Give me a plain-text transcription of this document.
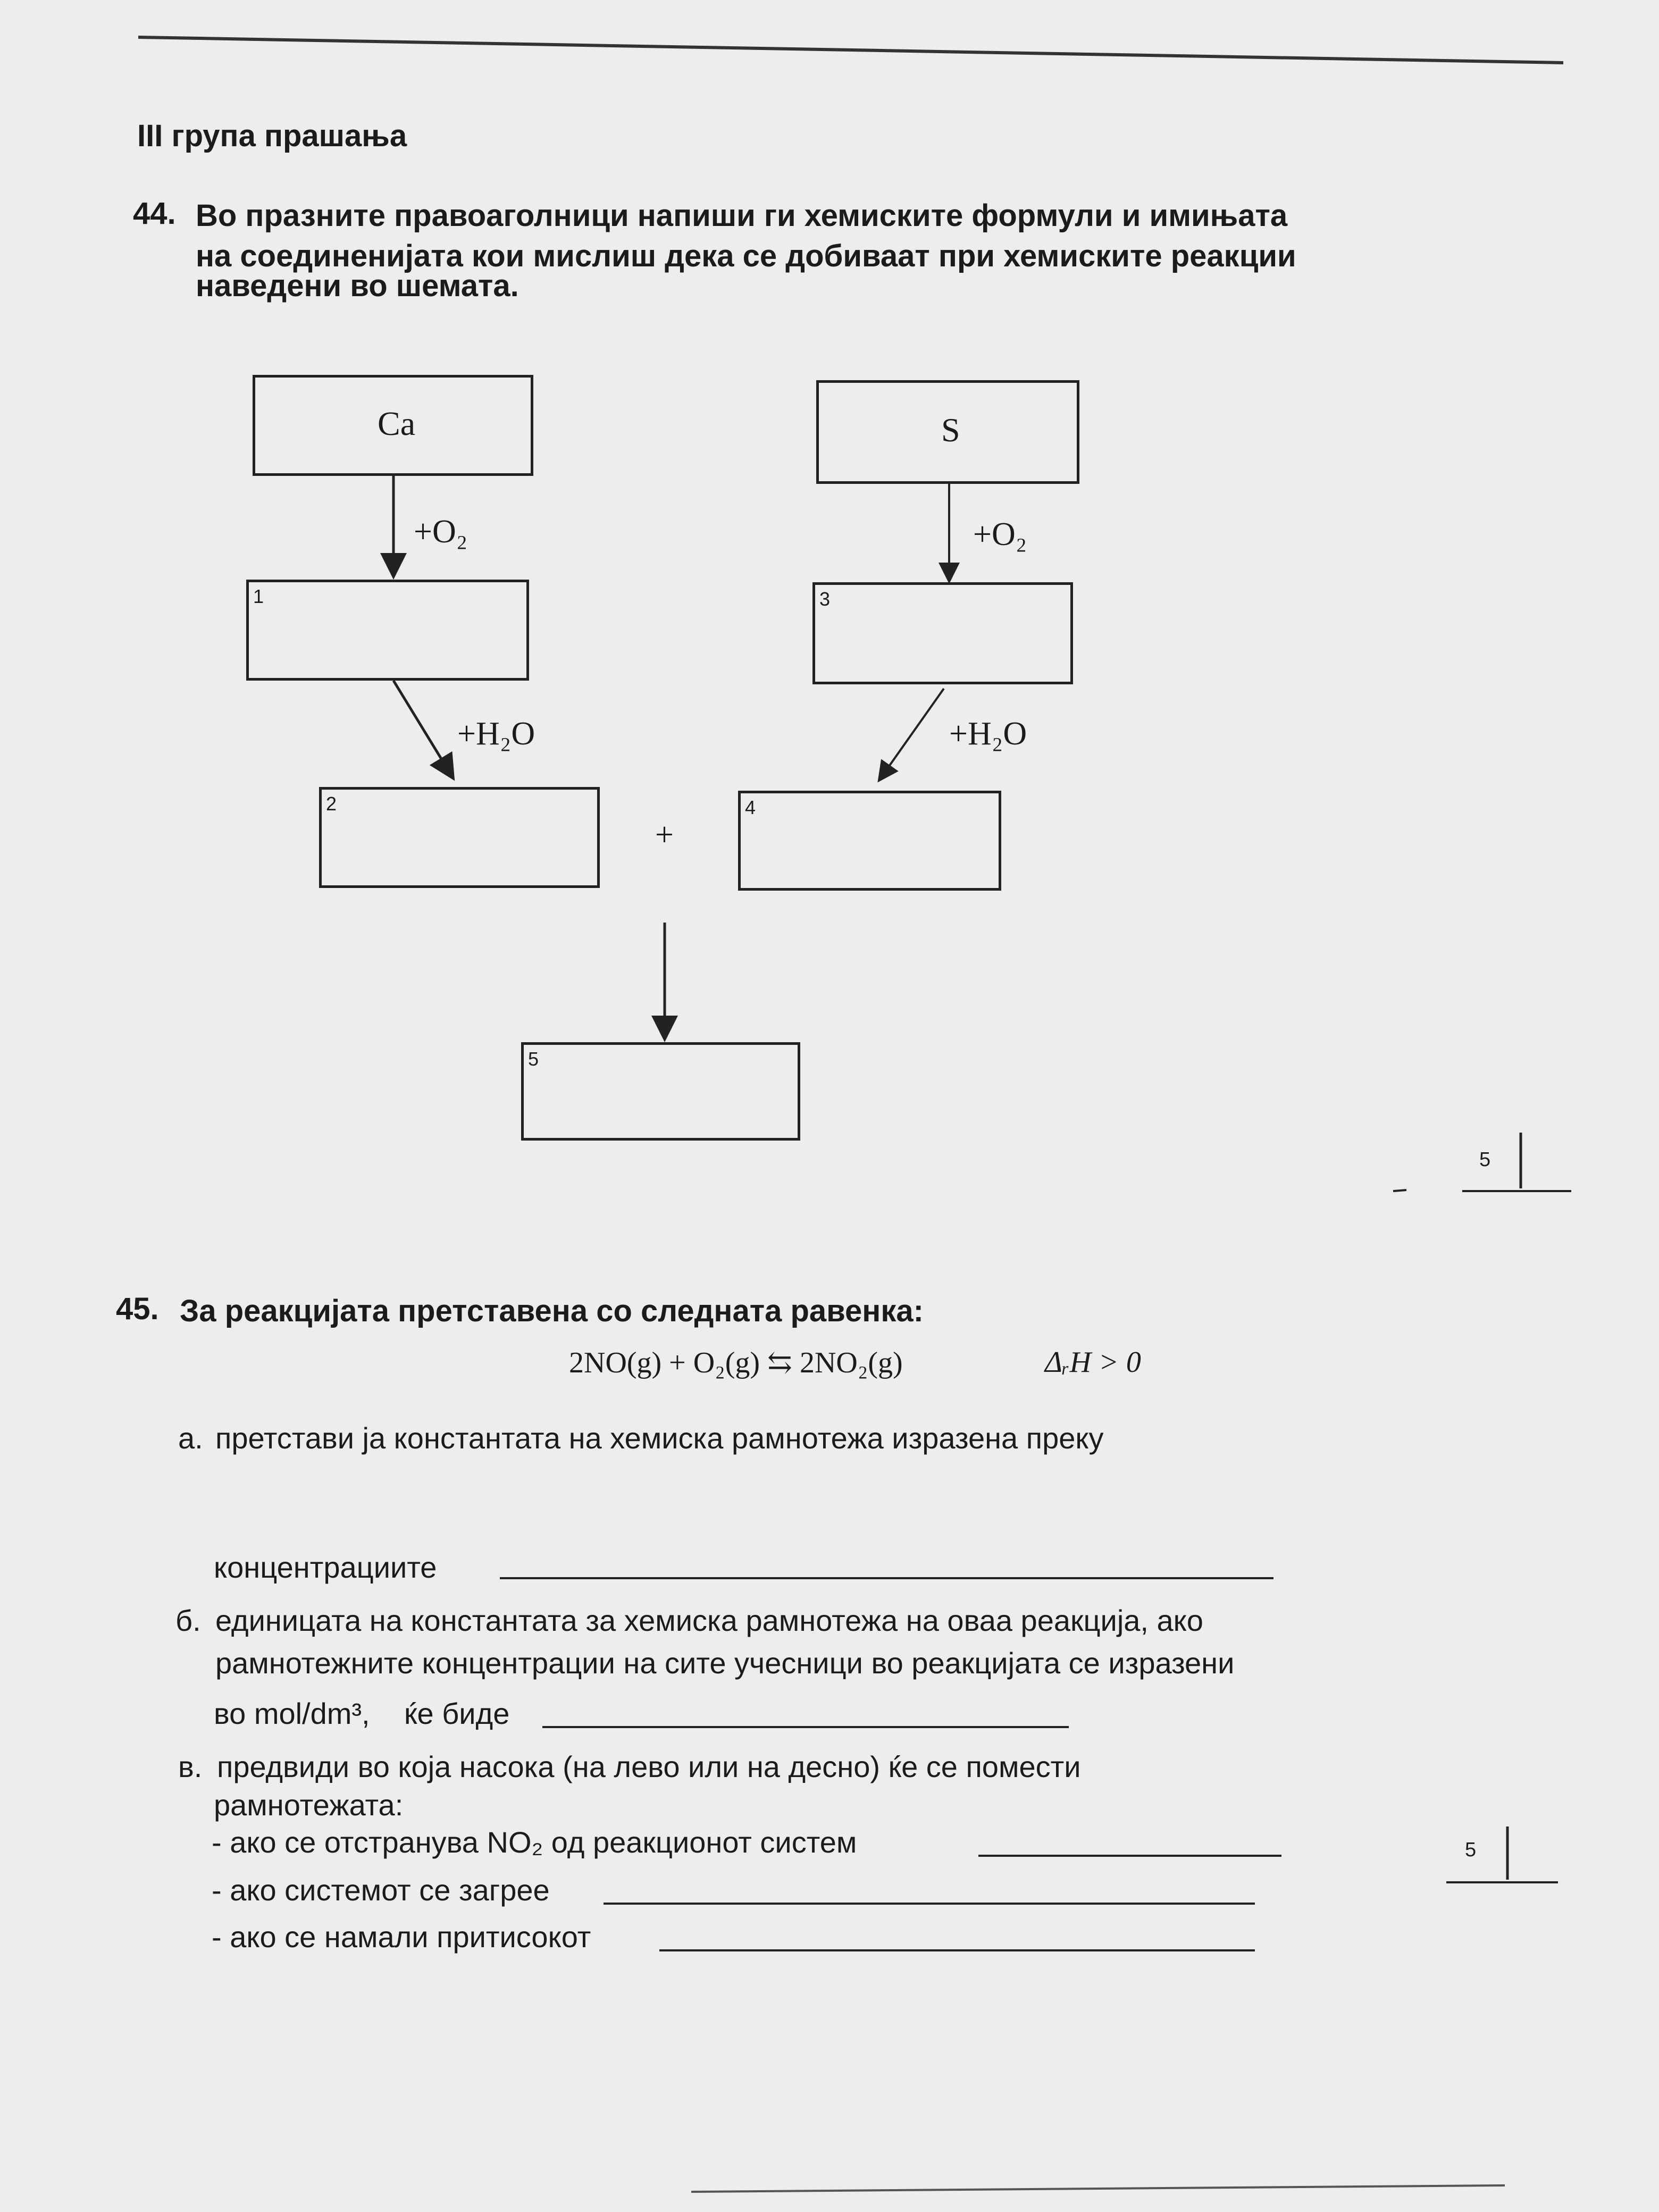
III група прашања
44. Во празните правоаголници напиши ги хемиските формули и имињата
на соединенијата кои мислиш дека се добиваат при хемиските реакции
наведени во шемата.
Ca	S
1	3
2	4
5
+O₂	+O₂
+H₂O	+H₂O
+
5
45. За реакцијата претставена со следната равенка:
2NO(g) + O₂(g) ⇆ 2NO₂(g)	ΔᵣH > 0
а. претстави ја константата на хемиска рамнотежа изразена преку
концентрациите
б. единицата на константата за хемиска рамнотежа на оваа реакција, ако
рамнотежните концентрации на сите учесници во реакцијата се изразени
во mol/dm³, ќе биде
в. предвиди во која насока (на лево или на десно) ќе се помести
рамнотежата:
- ако се отстранува NO₂ од реакционот систем
- ако системот се загрее
- ако се намали притисокот
5
